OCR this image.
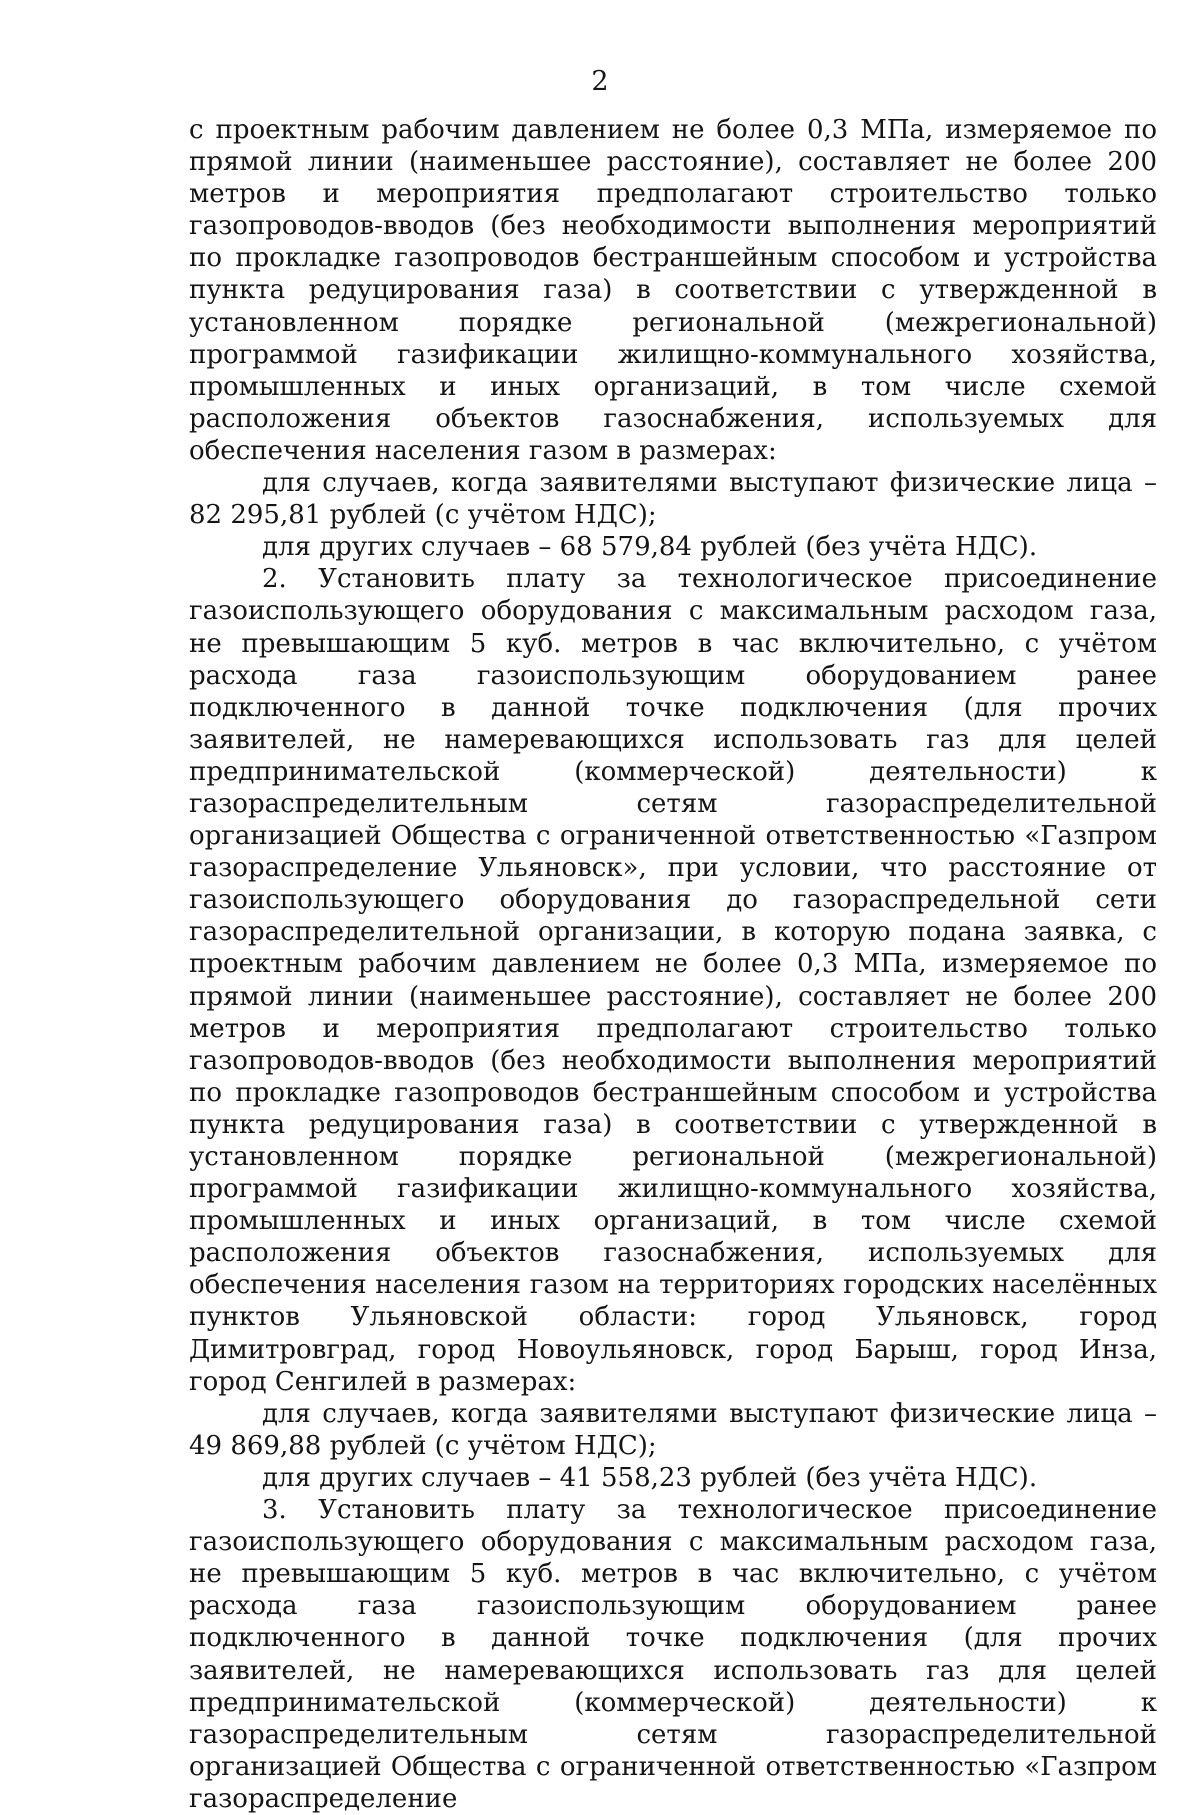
2

с проектным рабочим давлением не более 0,3 МПа, измеряемое по прямой линии (наименьшее расстояние), составляет не более 200 метров и мероприятия предполагают строительство только газопроводов-вводов (без необходимости выполнения мероприятий по прокладке газопроводов бестраншейным способом и устройства пункта редуцирования газа) в соответствии с утвержденной в установленном порядке региональной (межрегиональной) программой газификации жилищно-коммунального хозяйства, промышленных и иных организаций, в том числе схемой расположения объектов газоснабжения, используемых для обеспечения населения газом в размерах:

для случаев, когда заявителями выступают физические лица – 82 295,81 рублей (с учётом НДС);

для других случаев – 68 579,84 рублей (без учёта НДС).

2. Установить плату за технологическое присоединение газоиспользующего оборудования с максимальным расходом газа, не превышающим 5 куб. метров в час включительно, с учётом расхода газа газоиспользующим оборудованием ранее подключенного в данной точке подключения (для прочих заявителей, не намеревающихся использовать газ для целей предпринимательской (коммерческой) деятельности) к газораспределительным сетям газораспределительной организацией Общества с ограниченной ответственностью «Газпром газораспределение Ульяновск», при условии, что расстояние от газоиспользующего оборудования до газораспредельной сети газораспределительной организации, в которую подана заявка, с проектным рабочим давлением не более 0,3 МПа, измеряемое по прямой линии (наименьшее расстояние), составляет не более 200 метров и мероприятия предполагают строительство только газопроводов-вводов (без необходимости выполнения мероприятий по прокладке газопроводов бестраншейным способом и устройства пункта редуцирования газа) в соответствии с утвержденной в установленном порядке региональной (межрегиональной) программой газификации жилищно-коммунального хозяйства, промышленных и иных организаций, в том числе схемой расположения объектов газоснабжения, используемых для обеспечения населения газом на территориях городских населённых пунктов Ульяновской области: город Ульяновск, город Димитровград, город Новоульяновск, город Барыш, город Инза, город Сенгилей в размерах:

для случаев, когда заявителями выступают физические лица – 49 869,88 рублей (с учётом НДС);

для других случаев – 41 558,23 рублей (без учёта НДС).

3. Установить плату за технологическое присоединение газоиспользующего оборудования с максимальным расходом газа, не превышающим 5 куб. метров в час включительно, с учётом расхода газа газоиспользующим оборудованием ранее подключенного в данной точке подключения (для прочих заявителей, не намеревающихся использовать газ для целей предпринимательской (коммерческой) деятельности) к газораспределительным сетям газораспределительной организацией Общества с ограниченной ответственностью «Газпром газораспределение
